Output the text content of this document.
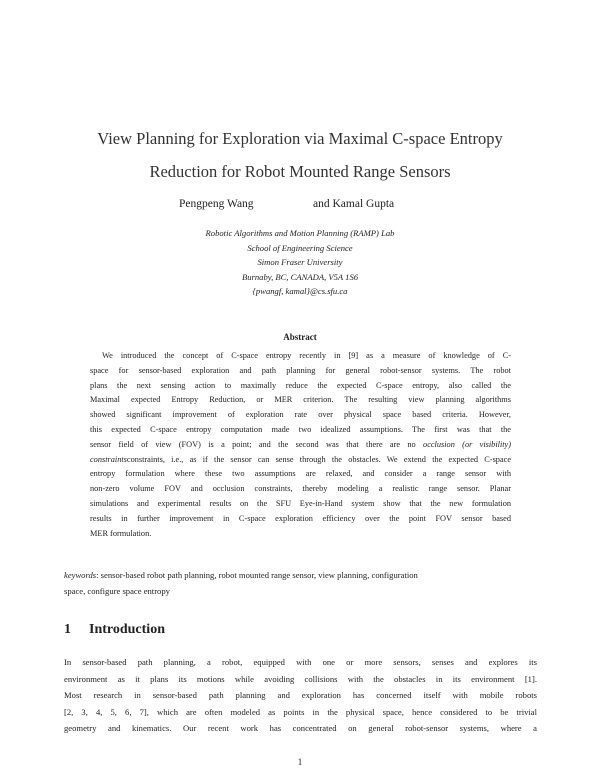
View Planning for Exploration via Maximal C-space Entropy
Reduction for Robot Mounted Range Sensors
Pengpeng Wang	and Kamal Gupta
Robotic Algorithms and Motion Planning (RAMP) Lab
School of Engineering Science
Simon Fraser University
Burnaby, BC, CANADA, V5A 1S6
{pwangf, kamal}@cs.sfu.ca
Abstract
We introduced the concept of C-space entropy recently in [9] as a measure of knowledge of C-
space for sensor-based exploration and path planning for general robot-sensor systems. The robot
plans the next sensing action to maximally reduce the expected C-space entropy, also called the
Maximal expected Entropy Reduction, or MER criterion. The resulting view planning algorithms
showed significant improvement of exploration rate over physical space based criteria. However,
this expected C-space entropy computation made two idealized assumptions. The first was that the
sensor field of view (FOV) is a point; and the second was that there are no occlusion (or visibility)
constraintsconstraints, i.e., as if the sensor can sense through the obstacles. We extend the expected C-space
entropy formulation where these two assumptions are relaxed, and consider a range sensor with
non-zero volume FOV and occlusion constraints, thereby modeling a realistic range sensor. Planar
simulations and experimental results on the SFU Eye-in-Hand system show that the new formulation
results in further improvement in C-space exploration efficiency over the point FOV sensor based
MER formulation.
keywords: sensor-based robot path planning, robot mounted range sensor, view planning, configuration
space, configure space entropy
1 Introduction
In sensor-based path planning, a robot, equipped with one or more sensors, senses and explores its
environment as it plans its motions while avoiding collisions with the obstacles in its environment [1].
Most research in sensor-based path planning and exploration has concerned itself with mobile robots
[2, 3, 4, 5, 6, 7], which are often modeled as points in the physical space, hence considered to be trivial
geometry and kinematics. Our recent work has concentrated on general robot-sensor systems, where a
1
